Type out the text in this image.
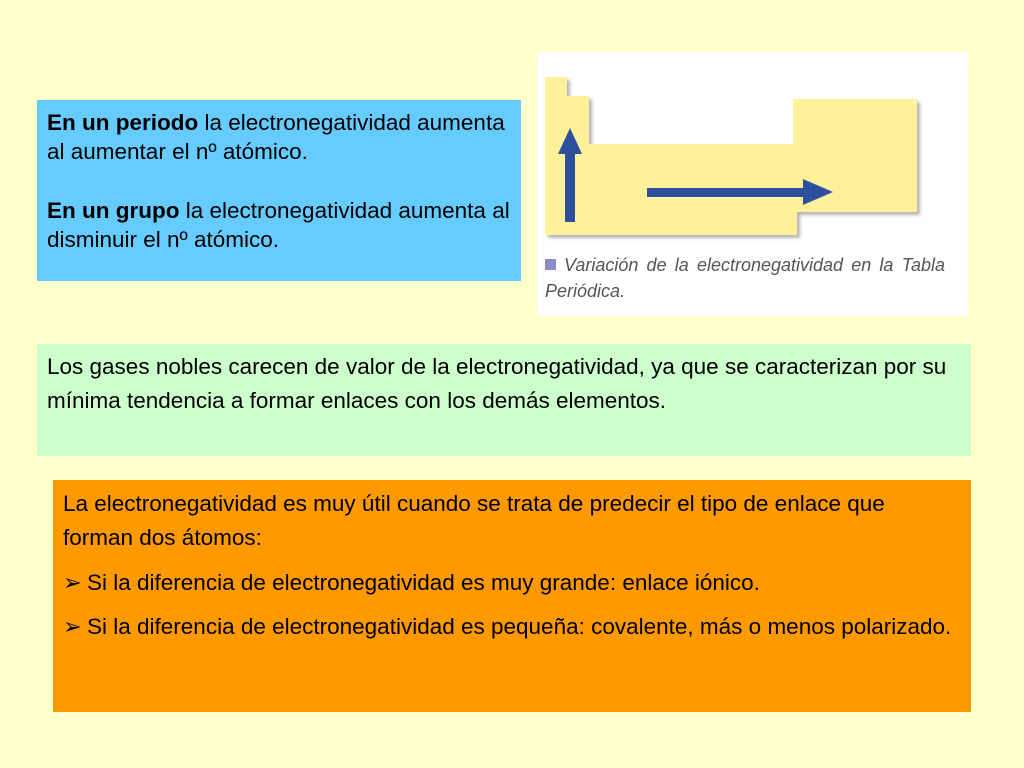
En un periodo la electronegatividad aumenta al aumentar el nº atómico.

En un grupo la electronegatividad aumenta al disminuir el nº atómico.

Variación de la electronegatividad en la Tabla Periódica.
Los gases nobles carecen de valor de la electronegatividad, ya que se caracterizan por su mínima tendencia a formar enlaces con los demás elementos.

La electronegatividad es muy útil cuando se trata de predecir el tipo de enlace que forman dos átomos:

➢ Si la diferencia de electronegatividad es muy grande: enlace iónico.

➢ Si la diferencia de electronegatividad es pequeña: covalente, más o menos polarizado.
